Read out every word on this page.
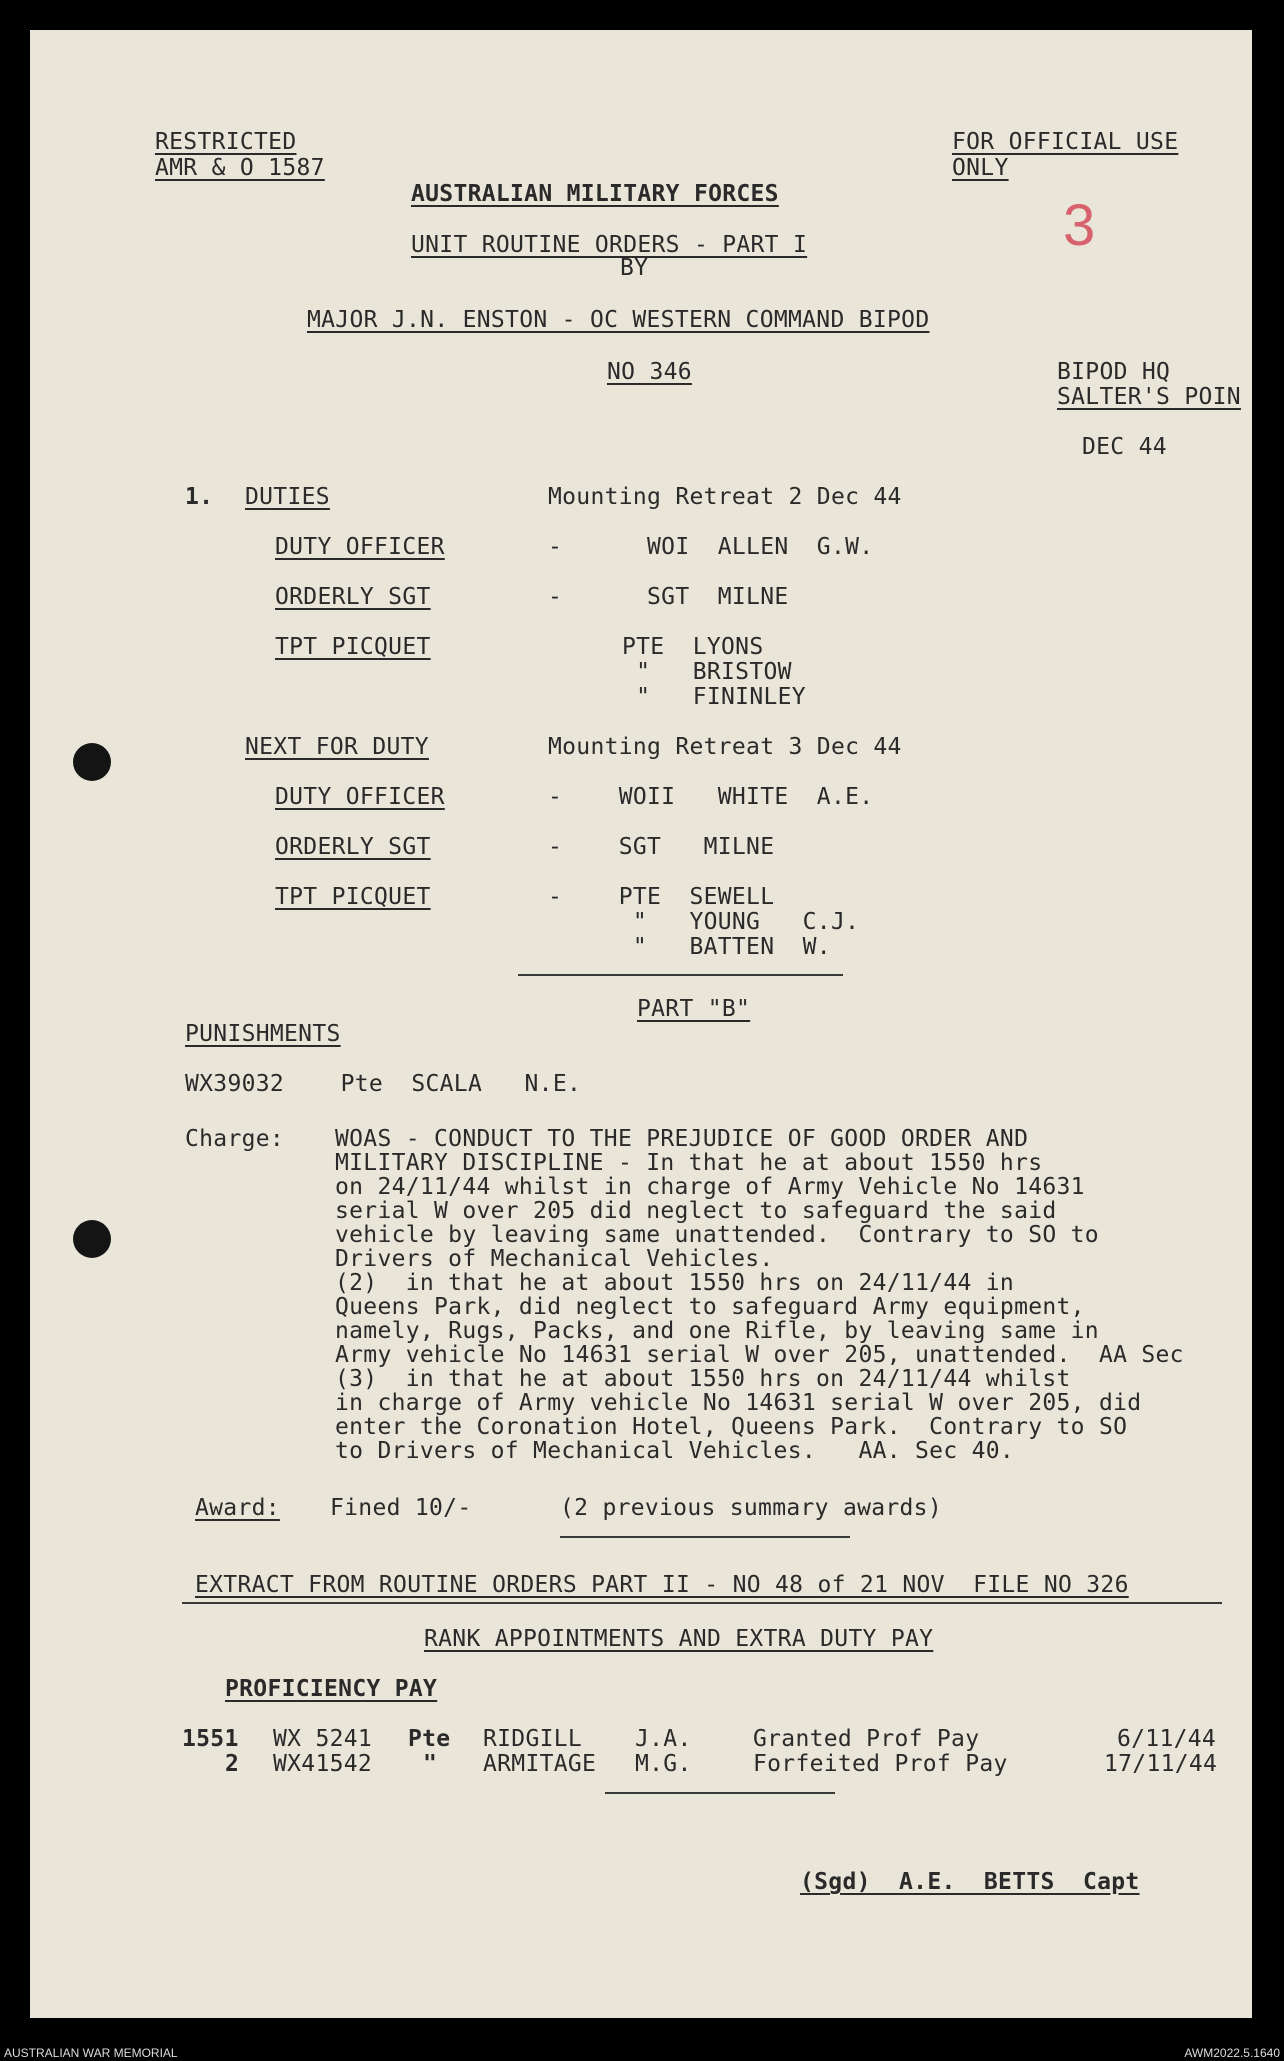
RESTRICTED
AMR & O 1587
FOR OFFICIAL USE
ONLY
AUSTRALIAN MILITARY FORCES
UNIT ROUTINE ORDERS - PART I
BY
MAJOR J.N. ENSTON - OC WESTERN COMMAND BIPOD
NO 346	BIPOD HQ
SALTER'S POIN
DEC 44
3
1. DUTIES	Mounting Retreat 2 Dec 44
DUTY OFFICER	-      WOI  ALLEN  G.W.
ORDERLY SGT	-      SGT  MILNE
TPT PICQUET	PTE  LYONS
"   BRISTOW
"   FININLEY
NEXT FOR DUTY	Mounting Retreat 3 Dec 44
DUTY OFFICER	-    WOII   WHITE  A.E.
ORDERLY SGT	-    SGT   MILNE
TPT PICQUET	-    PTE  SEWELL
"   YOUNG   C.J.
"   BATTEN  W.
PART "B"
PUNISHMENTS
WX39032    Pte  SCALA   N.E.
Charge: WOAS - CONDUCT TO THE PREJUDICE OF GOOD ORDER AND
MILITARY DISCIPLINE - In that he at about 1550 hrs
on 24/11/44 whilst in charge of Army Vehicle No 14631
serial W over 205 did neglect to safeguard the said
vehicle by leaving same unattended.  Contrary to SO to
Drivers of Mechanical Vehicles.
(2)  in that he at about 1550 hrs on 24/11/44 in
Queens Park, did neglect to safeguard Army equipment,
namely, Rugs, Packs, and one Rifle, by leaving same in
Army vehicle No 14631 serial W over 205, unattended.  AA Sec
(3)  in that he at about 1550 hrs on 24/11/44 whilst
in charge of Army vehicle No 14631 serial W over 205, did
enter the Coronation Hotel, Queens Park.  Contrary to SO
to Drivers of Mechanical Vehicles.   AA. Sec 40.
Award: Fined 10/-	(2 previous summary awards)
EXTRACT FROM ROUTINE ORDERS PART II - NO 48 of 21 NOV  FILE NO 326
RANK APPOINTMENTS AND EXTRA DUTY PAY
PROFICIENCY PAY
1551 WX 5241 Pte RIDGILL J.A.	Granted Prof Pay	6/11/44
2 WX41542 " ARMITAGE M.G.	Forfeited Prof Pay	17/11/44
(Sgd)  A.E.  BETTS  Capt
AUSTRALIAN WAR MEMORIAL	AWM2022.5.1640
